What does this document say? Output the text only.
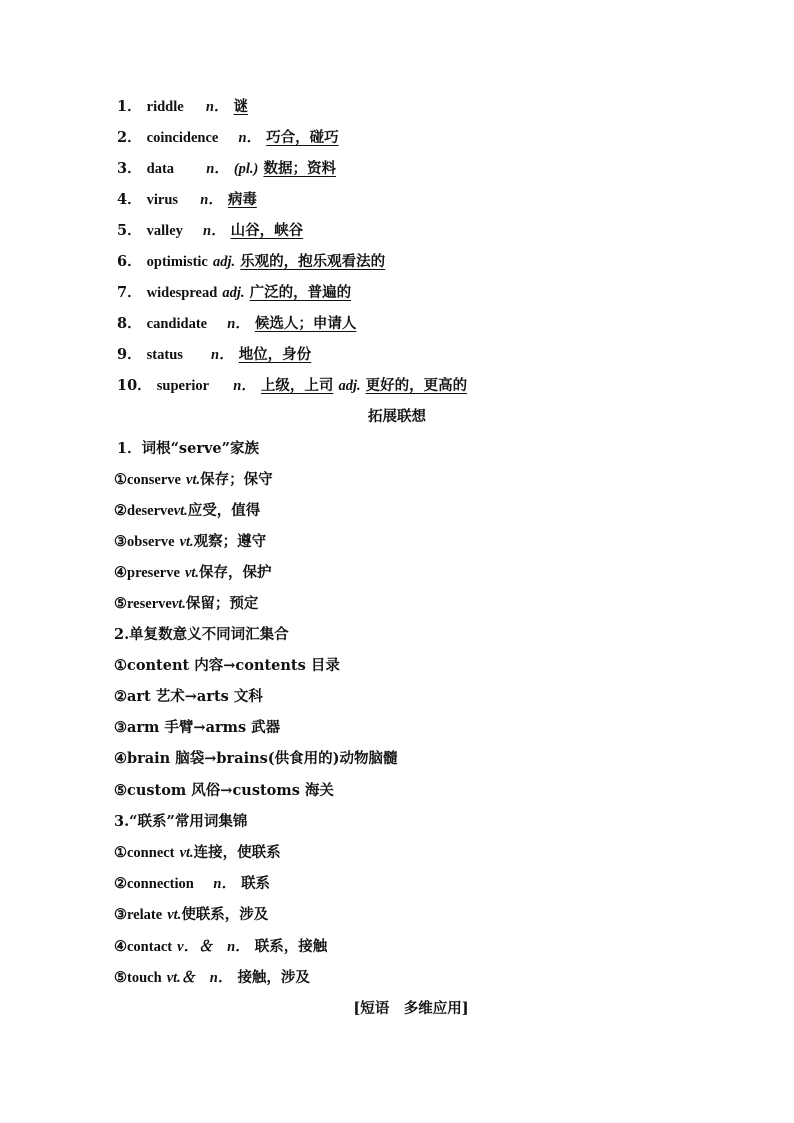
1． riddle n． 谜
2． coincidence n． 巧合，碰巧
3． data n． (pl.) 数据；资料
4． virus n． 病毒
5． valley n． 山谷，峡谷
6． optimistic adj. 乐观的，抱乐观看法的
7． widespread adj. 广泛的，普遍的
8． candidate n． 候选人；申请人
9． status n． 地位，身份
10． superior n． 上级，上司 adj. 更好的，更高的
拓展联想
1．词根“serve”家族
①conserve vt.保存；保守
②deservevt.应受，值得
③observe vt.观察；遵守
④preserve vt.保存，保护
⑤reservevt.保留；预定
2.单复数意义不同词汇集合
①content 内容→contents 目录
②art 艺术→arts 文科
③arm 手臂→arms 武器
④brain 脑袋→brains(供食用的)动物脑髓
⑤custom 风俗→customs 海关
3.“联系”常用词集锦
①connect vt.连接，使联系
②connection 　n． 联系
③relate vt.使联系，涉及
④contact v．＆　n． 联系，接触
⑤touch vt.＆　n． 接触，涉及
[短语　多维应用]
